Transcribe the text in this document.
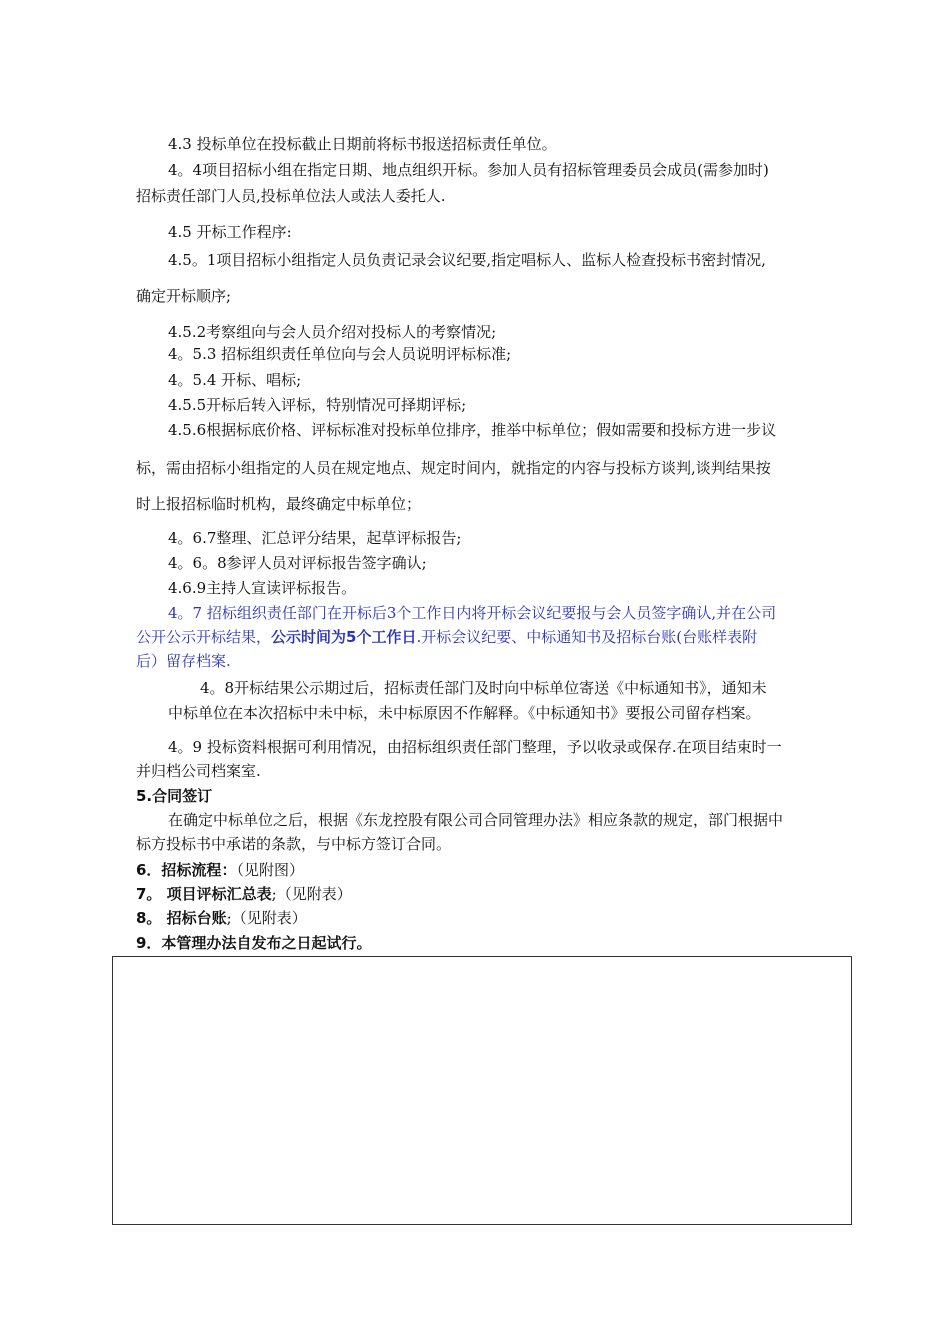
4.3 投标单位在投标截止日期前将标书报送招标责任单位。
4。4项目招标小组在指定日期、地点组织开标。参加人员有招标管理委员会成员(需参加时)
招标责任部门人员,投标单位法人或法人委托人.
4.5 开标工作程序:
4.5。1项目招标小组指定人员负责记录会议纪要,指定唱标人、监标人检查投标书密封情况,
确定开标顺序;
4.5.2考察组向与会人员介绍对投标人的考察情况;
4。5.3 招标组织责任单位向与会人员说明评标标准;
4。5.4 开标、唱标;
4.5.5开标后转入评标，特别情况可择期评标;
4.5.6根据标底价格、评标标准对投标单位排序，推举中标单位；假如需要和投标方进一步议
标，需由招标小组指定的人员在规定地点、规定时间内，就指定的内容与投标方谈判,谈判结果按
时上报招标临时机构，最终确定中标单位；
4。6.7整理、汇总评分结果，起草评标报告;
4。6。8参评人员对评标报告签字确认;
4.6.9主持人宣读评标报告。
4。7 招标组织责任部门在开标后3个工作日内将开标会议纪要报与会人员签字确认,并在公司
公开公示开标结果，公示时间为5个工作日.开标会议纪要、中标通知书及招标台账(台账样表附
后）留存档案.
4。8开标结果公示期过后，招标责任部门及时向中标单位寄送《中标通知书》，通知未
中标单位在本次招标中未中标，未中标原因不作解释。《中标通知书》要报公司留存档案。
4。9 投标资料根据可利用情况，由招标组织责任部门整理，予以收录或保存.在项目结束时一
并归档公司档案室.
5.合同签订
在确定中标单位之后，根据《东龙控股有限公司合同管理办法》相应条款的规定，部门根据中
标方投标书中承诺的条款，与中标方签订合同。
6．招标流程：（见附图）
7。 项目评标汇总表;（见附表）
8。 招标台账;（见附表）
9．本管理办法自发布之日起试行。
